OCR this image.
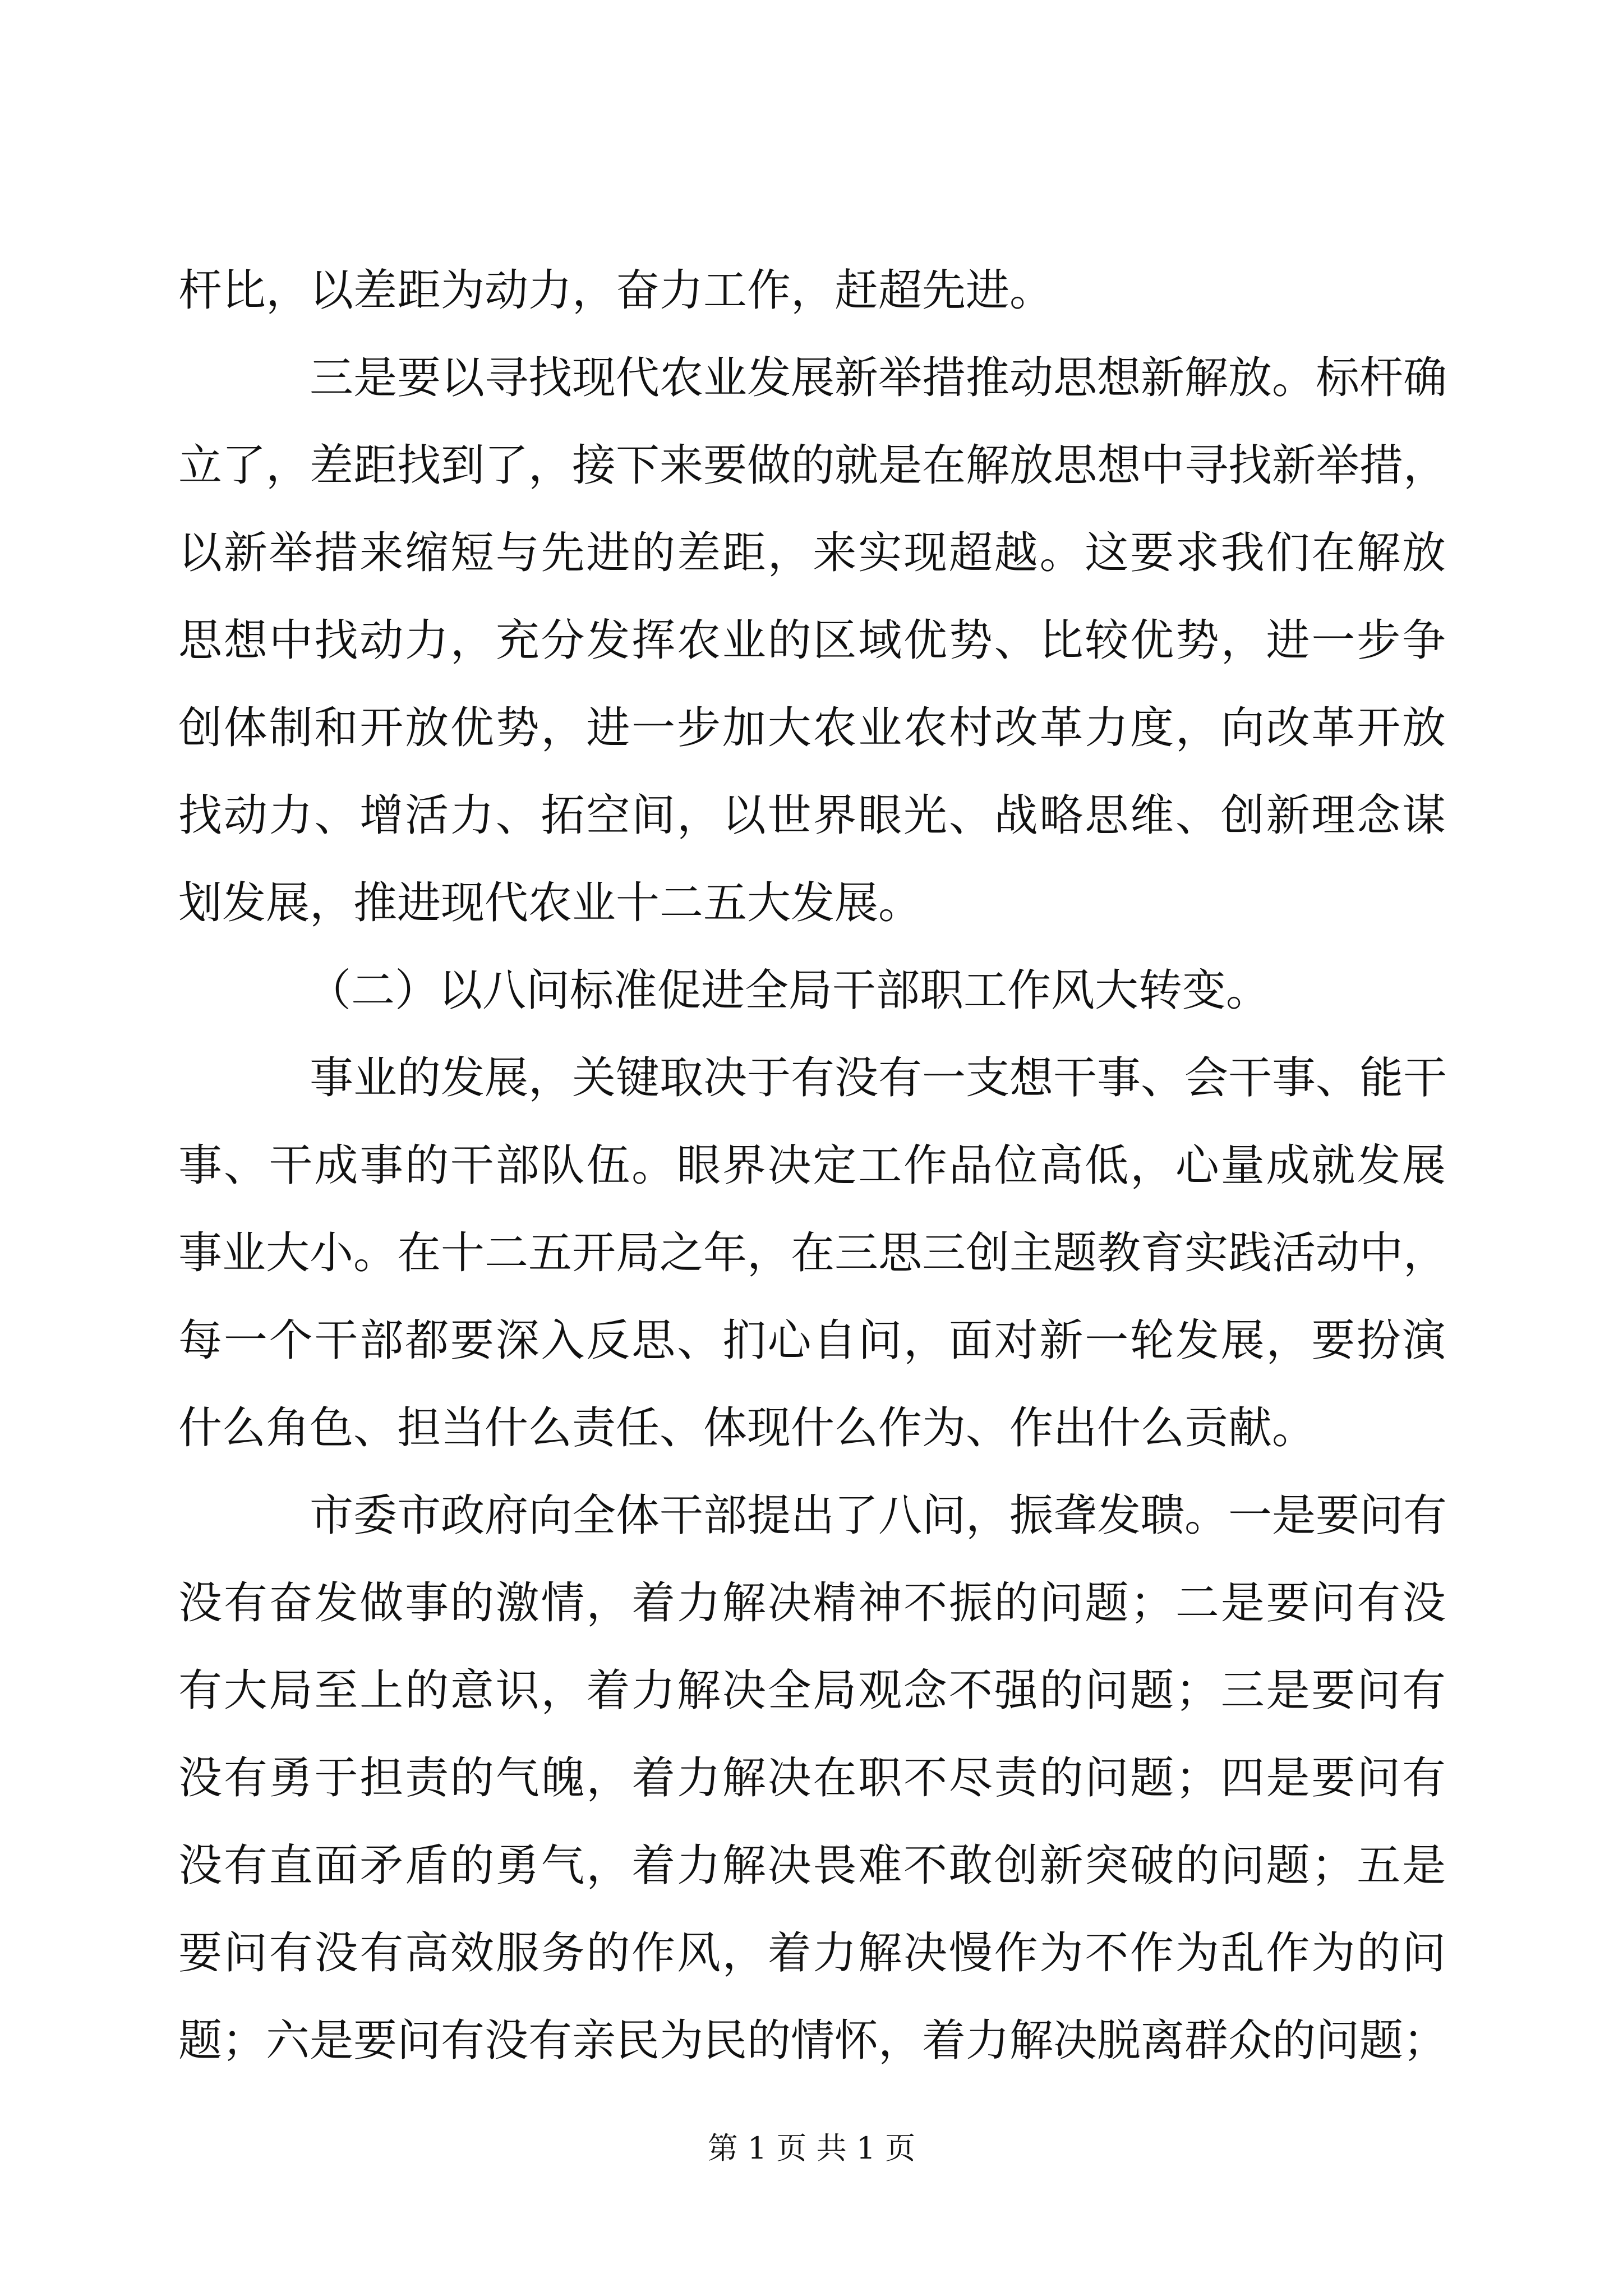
杆比，以差距为动力，奋力工作，赶超先进。
三是要以寻找现代农业发展新举措推动思想新解放。标杆确
立了，差距找到了，接下来要做的就是在解放思想中寻找新举措，
以新举措来缩短与先进的差距，来实现超越。这要求我们在解放
思想中找动力，充分发挥农业的区域优势、比较优势，进一步争
创体制和开放优势，进一步加大农业农村改革力度，向改革开放
找动力、增活力、拓空间，以世界眼光、战略思维、创新理念谋
划发展，推进现代农业十二五大发展。
（二）以八问标准促进全局干部职工作风大转变。
事业的发展，关键取决于有没有一支想干事、会干事、能干
事、干成事的干部队伍。眼界决定工作品位高低，心量成就发展
事业大小。在十二五开局之年，在三思三创主题教育实践活动中，
每一个干部都要深入反思、扪心自问，面对新一轮发展，要扮演
什么角色、担当什么责任、体现什么作为、作出什么贡献。
市委市政府向全体干部提出了八问，振聋发聩。一是要问有
没有奋发做事的激情，着力解决精神不振的问题；二是要问有没
有大局至上的意识，着力解决全局观念不强的问题；三是要问有
没有勇于担责的气魄，着力解决在职不尽责的问题；四是要问有
没有直面矛盾的勇气，着力解决畏难不敢创新突破的问题；五是
要问有没有高效服务的作风，着力解决慢作为不作为乱作为的问
题；六是要问有没有亲民为民的情怀，着力解决脱离群众的问题；
第 1 页 共 1 页
